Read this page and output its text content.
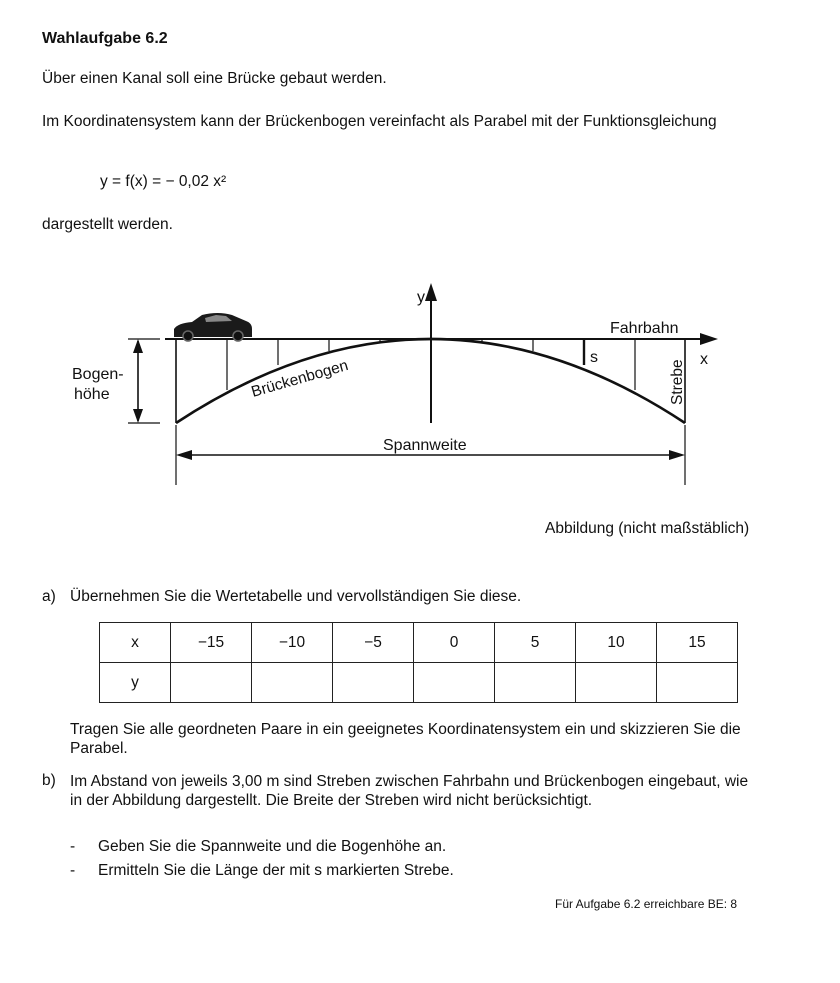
Wahlaufgabe 6.2
Über einen Kanal soll eine Brücke gebaut werden.
Im Koordinatensystem kann der Brückenbogen vereinfacht als Parabel mit der Funktionsgleichung
y = f(x) = − 0,02 x²
dargestellt werden.
y
x
Fahrbahn
s
Brückenbogen	Strebe
Bogen-
höhe
Spannweite
Abbildung (nicht maßstäblich)
a) Übernehmen Sie die Wertetabelle und vervollständigen Sie diese.
x	−15	−10	−5	0	5	10	15
y							
Tragen Sie alle geordneten Paare in ein geeignetes Koordinatensystem ein und skizzieren Sie die Parabel.
b) Im Abstand von jeweils 3,00 m sind Streben zwischen Fahrbahn und Brückenbogen eingebaut, wie in der Abbildung dargestellt. Die Breite der Streben wird nicht berücksichtigt.
- Geben Sie die Spannweite und die Bogenhöhe an.
- Ermitteln Sie die Länge der mit s markierten Strebe.
Für Aufgabe 6.2 erreichbare BE: 8
